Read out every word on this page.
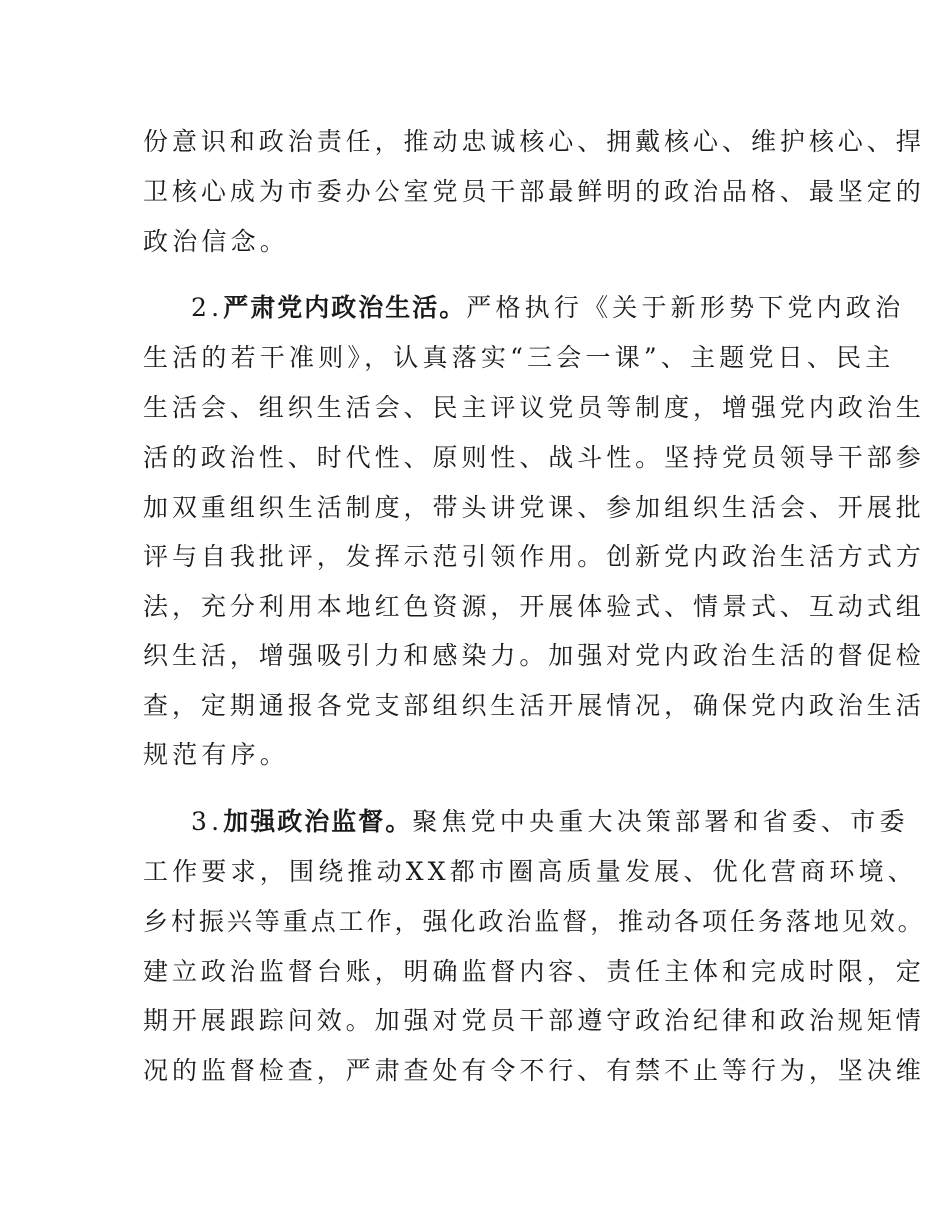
份意识和政治责任，推动忠诚核心、拥戴核心、维护核心、捍
卫核心成为市委办公室党员干部最鲜明的政治品格、最坚定的
政治信念。
2.严肃党内政治生活。严格执行《关于新形势下党内政治
生活的若干准则》，认真落实“三会一课”、主题党日、民主
生活会、组织生活会、民主评议党员等制度，增强党内政治生
活的政治性、时代性、原则性、战斗性。坚持党员领导干部参
加双重组织生活制度，带头讲党课、参加组织生活会、开展批
评与自我批评，发挥示范引领作用。创新党内政治生活方式方
法，充分利用本地红色资源，开展体验式、情景式、互动式组
织生活，增强吸引力和感染力。加强对党内政治生活的督促检
查，定期通报各党支部组织生活开展情况，确保党内政治生活
规范有序。
3.加强政治监督。聚焦党中央重大决策部署和省委、市委
工作要求，围绕推动XX都市圈高质量发展、优化营商环境、
乡村振兴等重点工作，强化政治监督，推动各项任务落地见效。
建立政治监督台账，明确监督内容、责任主体和完成时限，定
期开展跟踪问效。加强对党员干部遵守政治纪律和政治规矩情
况的监督检查，严肃查处有令不行、有禁不止等行为，坚决维
